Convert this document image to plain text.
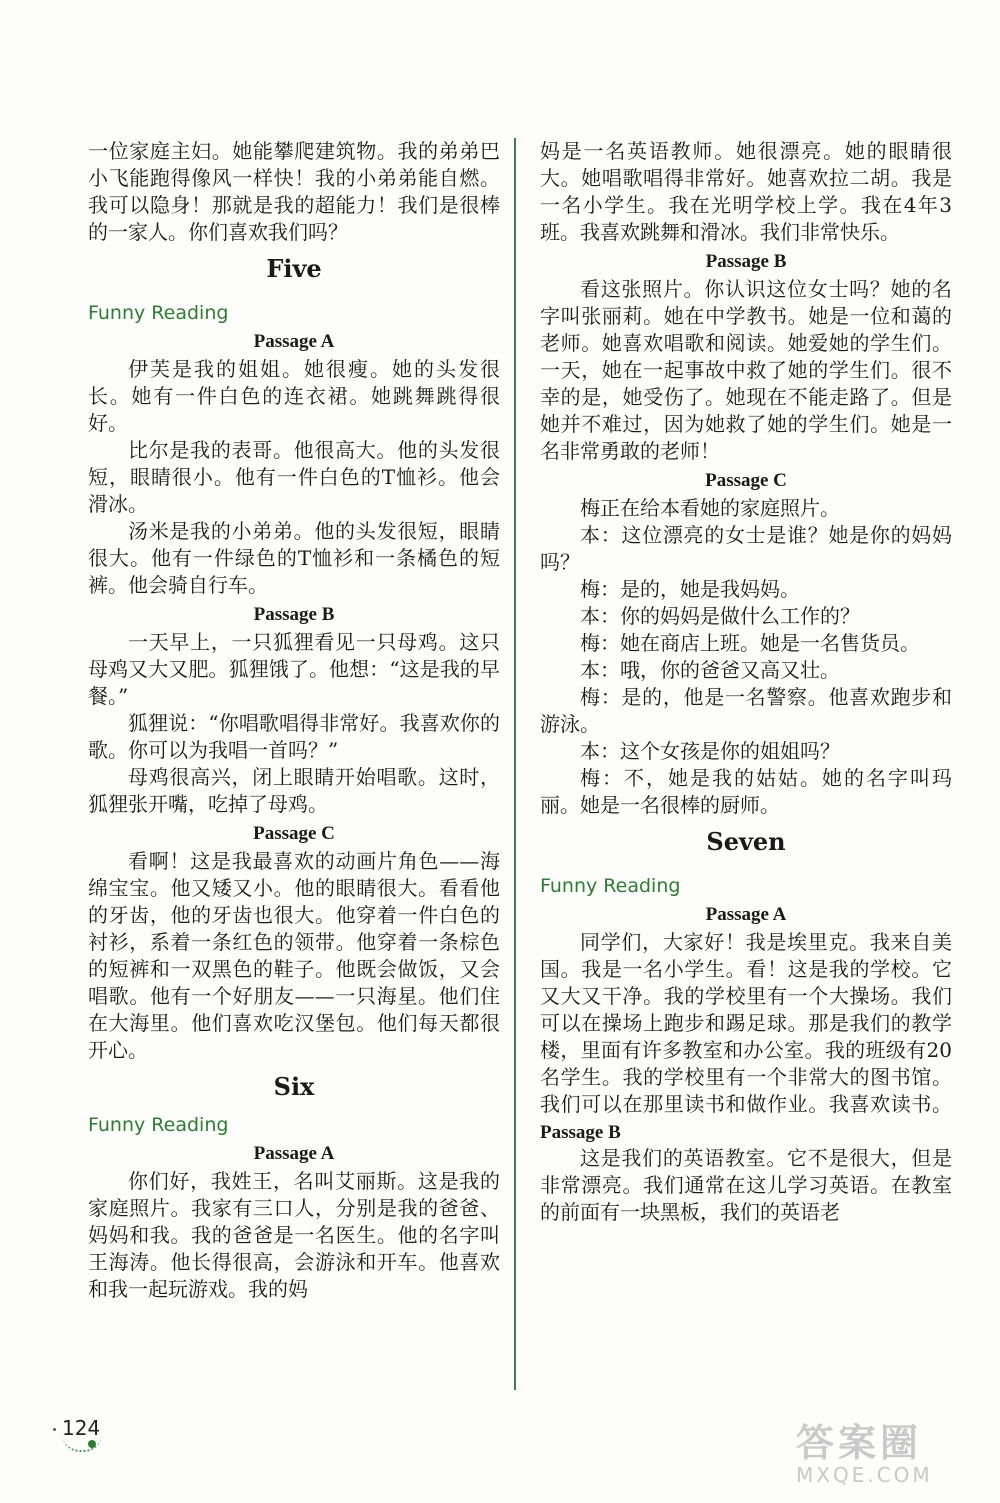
一位家庭主妇。她能攀爬建筑物。我的弟弟巴小飞能跑得像风一样快！我的小弟弟能自燃。我可以隐身！那就是我的超能力！我们是很棒的一家人。你们喜欢我们吗？

Five
Funny Reading
Passage A

伊芙是我的姐姐。她很瘦。她的头发很长。她有一件白色的连衣裙。她跳舞跳得很好。

比尔是我的表哥。他很高大。他的头发很短，眼睛很小。他有一件白色的T恤衫。他会滑冰。

汤米是我的小弟弟。他的头发很短，眼睛很大。他有一件绿色的T恤衫和一条橘色的短裤。他会骑自行车。

Passage B

一天早上，一只狐狸看见一只母鸡。这只母鸡又大又肥。狐狸饿了。他想：“这是我的早餐。”

狐狸说：“你唱歌唱得非常好。我喜欢你的歌。你可以为我唱一首吗？”

母鸡很高兴，闭上眼睛开始唱歌。这时，狐狸张开嘴，吃掉了母鸡。

Passage C

看啊！这是我最喜欢的动画片角色——海绵宝宝。他又矮又小。他的眼睛很大。看看他的牙齿，他的牙齿也很大。他穿着一件白色的衬衫，系着一条红色的领带。他穿着一条棕色的短裤和一双黑色的鞋子。他既会做饭，又会唱歌。他有一个好朋友——一只海星。他们住在大海里。他们喜欢吃汉堡包。他们每天都很开心。

Six
Funny Reading
Passage A

你们好，我姓王，名叫艾丽斯。这是我的家庭照片。我家有三口人，分别是我的爸爸、妈妈和我。我的爸爸是一名医生。他的名字叫王海涛。他长得很高，会游泳和开车。他喜欢和我一起玩游戏。我的妈

妈是一名英语教师。她很漂亮。她的眼睛很大。她唱歌唱得非常好。她喜欢拉二胡。我是一名小学生。我在光明学校上学。我在4年3班。我喜欢跳舞和滑冰。我们非常快乐。

Passage B

看这张照片。你认识这位女士吗？她的名字叫张丽莉。她在中学教书。她是一位和蔼的老师。她喜欢唱歌和阅读。她爱她的学生们。一天，她在一起事故中救了她的学生们。很不幸的是，她受伤了。她现在不能走路了。但是她并不难过，因为她救了她的学生们。她是一名非常勇敢的老师！

Passage C

梅正在给本看她的家庭照片。

本：这位漂亮的女士是谁？她是你的妈妈吗？

梅：是的，她是我妈妈。

本：你的妈妈是做什么工作的？

梅：她在商店上班。她是一名售货员。

本：哦，你的爸爸又高又壮。

梅：是的，他是一名警察。他喜欢跑步和游泳。

本：这个女孩是你的姐姐吗？

梅：不，她是我的姑姑。她的名字叫玛丽。她是一名很棒的厨师。

Seven
Funny Reading
Passage A

同学们，大家好！我是埃里克。我来自美国。我是一名小学生。看！这是我的学校。它又大又干净。我的学校里有一个大操场。我们可以在操场上跑步和踢足球。那是我们的教学楼，里面有许多教室和办公室。我的班级有20名学生。我的学校里有一个非常大的图书馆。我们可以在那里读书和做作业。我喜欢读书。 Passage B

这是我们的英语教室。它不是很大，但是非常漂亮。我们通常在这儿学习英语。在教室的前面有一块黑板，我们的英语老

124	答案圈
MXQE.COM
